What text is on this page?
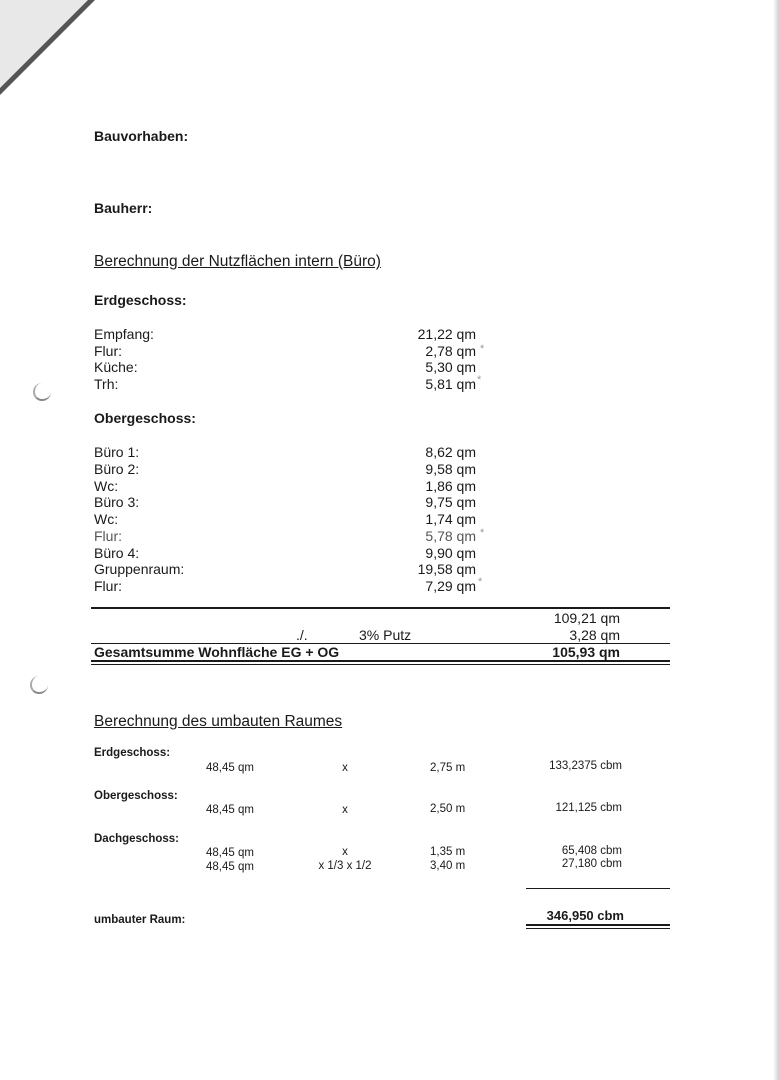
Bauvorhaben:
Bauherr:
Berechnung der Nutzflächen intern (Büro)
Erdgeschoss:
Empfang:	21,22 qm
Flur:	2,78 qm *
Küche:	5,30 qm
Trh:	5,81 qm *
Obergeschoss:
Büro 1:	8,62 qm
Büro 2:	9,58 qm
Wc:	1,86 qm
Büro 3:	9,75 qm
Wc:	1,74 qm
Flur:	5,78 qm *
Büro 4:	9,90 qm
Gruppenraum:	19,58 qm
Flur:	7,29 qm *
109,21 qm
./.	3% Putz	3,28 qm
Gesamtsumme Wohnfläche EG + OG	105,93 qm
Berechnung des umbauten Raumes
Erdgeschoss:
48,45 qm	x	2,75 m	133,2375 cbm
Obergeschoss:
48,45 qm	x	2,50 m	121,125 cbm
Dachgeschoss:
48,45 qm	x	1,35 m	65,408 cbm
48,45 qm	x 1/3 x 1/2	3,40 m	27,180 cbm
umbauter Raum:	346,950 cbm
